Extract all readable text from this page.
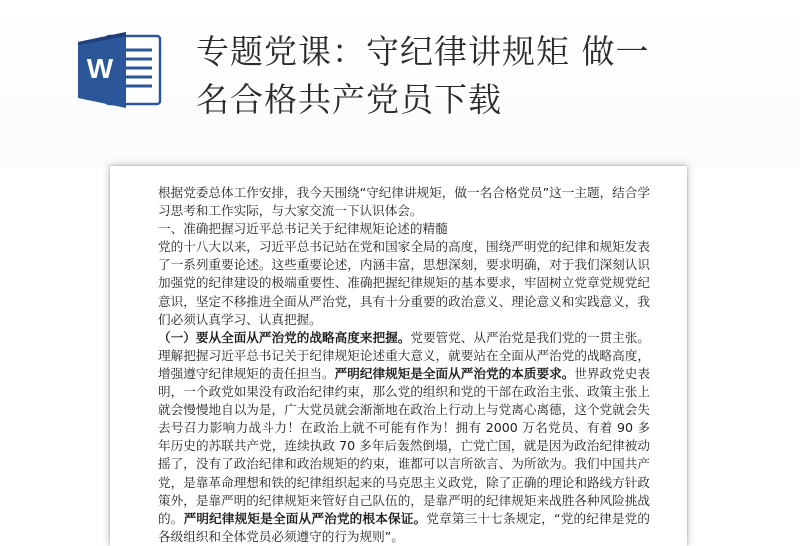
W	专题党课：守纪律讲规矩 做一
名合格共产党员下载

根据党委总体工作安排，我今天围绕“守纪律讲规矩，做一名合格党员”这一主题，结合学习思考和工作实际，与大家交流一下认识体会。

一、准确把握习近平总书记关于纪律规矩论述的精髓

党的十八大以来，习近平总书记站在党和国家全局的高度，围绕严明党的纪律和规矩发表了一系列重要论述。这些重要论述，内涵丰富，思想深刻，要求明确，对于我们深刻认识加强党的纪律建设的极端重要性、准确把握纪律规矩的基本要求，牢固树立党章党规党纪意识，坚定不移推进全面从严治党，具有十分重要的政治意义、理论意义和实践意义，我们必须认真学习、认真把握。

（一）要从全面从严治党的战略高度来把握。党要管党、从严治党是我们党的一贯主张。理解把握习近平总书记关于纪律规矩论述重大意义，就要站在全面从严治党的战略高度，增强遵守纪律规矩的责任担当。严明纪律规矩是全面从严治党的本质要求。世界政党史表明，一个政党如果没有政治纪律约束，那么党的组织和党的干部在政治主张、政策主张上就会慢慢地自以为是，广大党员就会渐渐地在政治上行动上与党离心离德，这个党就会失去号召力影响力战斗力！在政治上就不可能有作为！拥有 2000 万名党员、有着 90 多年历史的苏联共产党，连续执政 70 多年后轰然倒塌，亡党亡国，就是因为政治纪律被动摇了，没有了政治纪律和政治规矩的约束，谁都可以言所欲言、为所欲为。我们中国共产党，是靠革命理想和铁的纪律组织起来的马克思主义政党，除了正确的理论和路线方针政策外，是靠严明的纪律规矩来管好自己队伍的，是靠严明的纪律规矩来战胜各种风险挑战的。严明纪律规矩是全面从严治党的根本保证。党章第三十七条规定，“党的纪律是党的各级组织和全体党员必须遵守的行为规则”。
